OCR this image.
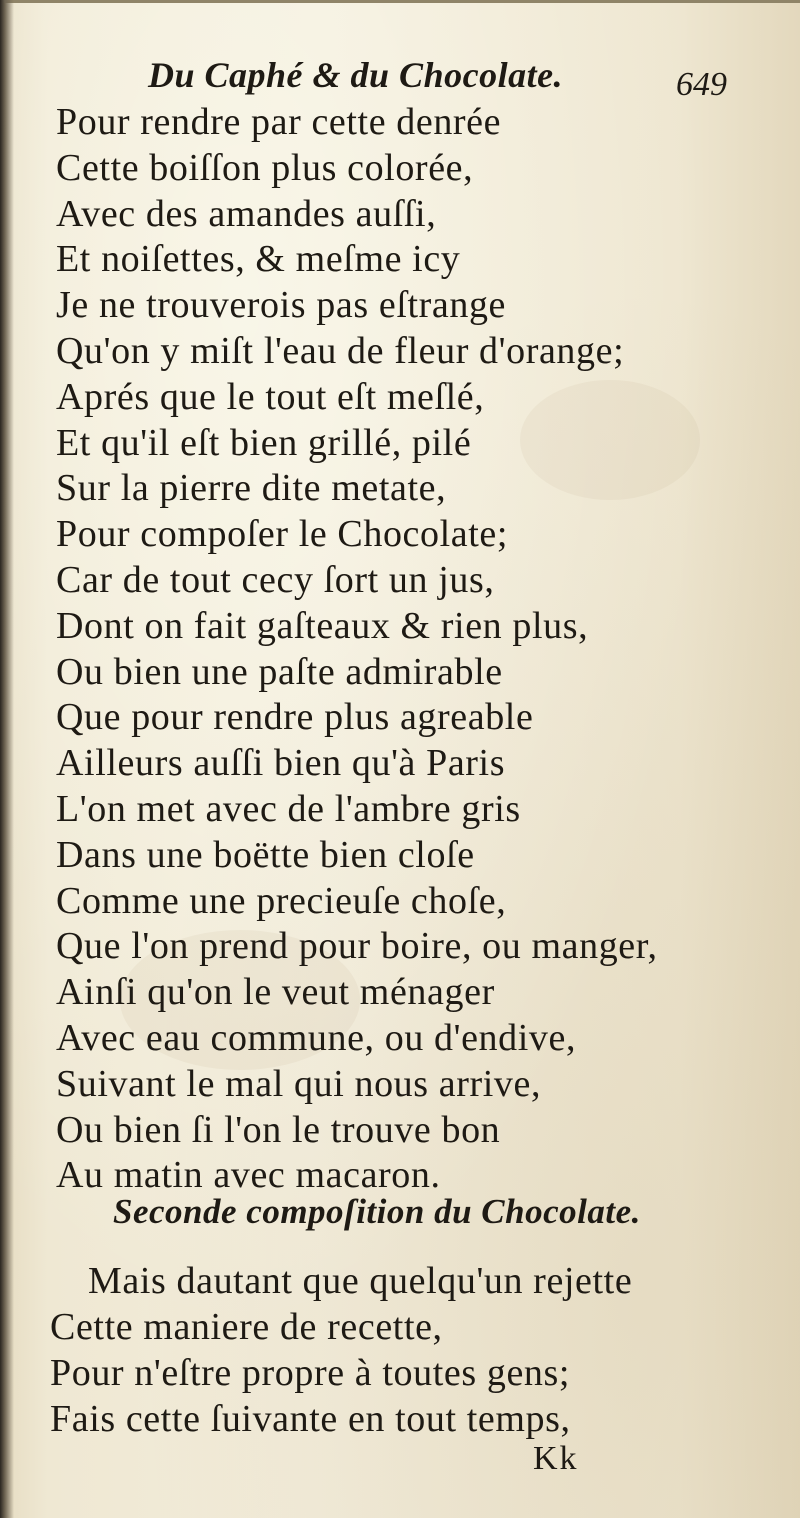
Du Caphé & du Chocolate.	649
Pour rendre par cette denrée
Cette boiſſon plus colorée,
Avec des amandes auſſi,
Et noiſettes, & meſme icy
Je ne trouverois pas eſtrange
Qu'on y miſt l'eau de fleur d'orange;
Aprés que le tout eſt meſlé,
Et qu'il eſt bien grillé, pilé
Sur la pierre dite metate,
Pour compoſer le Chocolate;
Car de tout cecy ſort un jus,
Dont on fait gaſteaux & rien plus,
Ou bien une paſte admirable
Que pour rendre plus agreable
Ailleurs auſſi bien qu'à Paris
L'on met avec de l'ambre gris
Dans une boëtte bien cloſe
Comme une precieuſe choſe,
Que l'on prend pour boire, ou manger,
Ainſi qu'on le veut ménager
Avec eau commune, ou d'endive,
Suivant le mal qui nous arrive,
Ou bien ſi l'on le trouve bon
Au matin avec macaron.
Seconde compoſition du Chocolate.
Mais dautant que quelqu'un rejette
Cette maniere de recette,
Pour n'eſtre propre à toutes gens;
Fais cette ſuivante en tout temps,
Kk
